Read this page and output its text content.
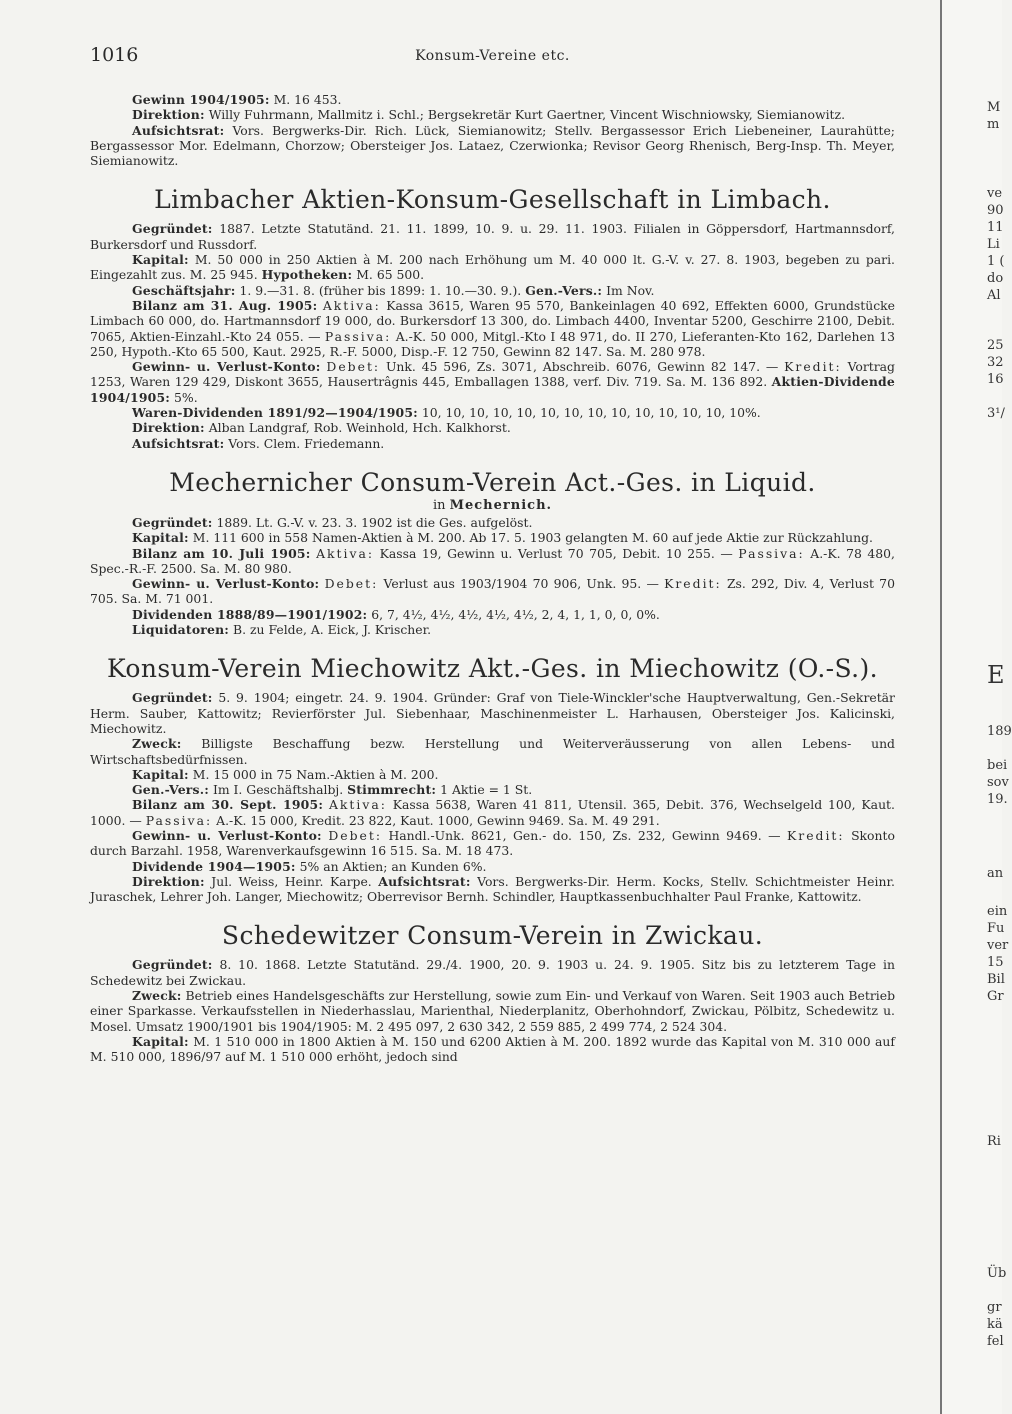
1016	Konsum-Vereine etc.

Gewinn 1904/1905: M. 16 453.

Direktion: Willy Fuhrmann, Mallmitz i. Schl.; Bergsekretär Kurt Gaertner, Vincent Wischniowsky, Siemianowitz.

Aufsichtsrat: Vors. Bergwerks-Dir. Rich. Lück, Siemianowitz; Stellv. Bergassessor Erich Liebeneiner, Laurahütte; Bergassessor Mor. Edelmann, Chorzow; Obersteiger Jos. Lataez, Czerwionka; Revisor Georg Rhenisch, Berg-Insp. Th. Meyer, Siemianowitz.

Limbacher Aktien-Konsum-Gesellschaft in Limbach.

Gegründet: 1887. Letzte Statutänd. 21. 11. 1899, 10. 9. u. 29. 11. 1903. Filialen in Göppersdorf, Hartmannsdorf, Burkersdorf und Russdorf.

Kapital: M. 50 000 in 250 Aktien à M. 200 nach Erhöhung um M. 40 000 lt. G.-V. v. 27. 8. 1903, begeben zu pari. Eingezahlt zus. M. 25 945. Hypotheken: M. 65 500.

Geschäftsjahr: 1. 9.—31. 8. (früher bis 1899: 1. 10.—30. 9.). Gen.-Vers.: Im Nov.

Bilanz am 31. Aug. 1905: Aktiva: Kassa 3615, Waren 95 570, Bankeinlagen 40 692, Effekten 6000, Grundstücke Limbach 60 000, do. Hartmannsdorf 19 000, do. Burkersdorf 13 300, do. Limbach 4400, Inventar 5200, Geschirre 2100, Debit. 7065, Aktien-Einzahl.-Kto 24 055. — Passiva: A.-K. 50 000, Mitgl.-Kto I 48 971, do. II 270, Lieferanten-Kto 162, Darlehen 13 250, Hypoth.-Kto 65 500, Kaut. 2925, R.-F. 5000, Disp.-F. 12 750, Gewinn 82 147. Sa. M. 280 978.

Gewinn- u. Verlust-Konto: Debet: Unk. 45 596, Zs. 3071, Abschreib. 6076, Gewinn 82 147. — Kredit: Vortrag 1253, Waren 129 429, Diskont 3655, Hausertrâgnis 445, Emballagen 1388, verf. Div. 719. Sa. M. 136 892. Aktien-Dividende 1904/1905: 5%.

Waren-Dividenden 1891/92—1904/1905: 10, 10, 10, 10, 10, 10, 10, 10, 10, 10, 10, 10, 10, 10%.

Direktion: Alban Landgraf, Rob. Weinhold, Hch. Kalkhorst.

Aufsichtsrat: Vors. Clem. Friedemann.

Mechernicher Consum-Verein Act.-Ges. in Liquid.
in Mechernich.

Gegründet: 1889. Lt. G.-V. v. 23. 3. 1902 ist die Ges. aufgelöst.

Kapital: M. 111 600 in 558 Namen-Aktien à M. 200. Ab 17. 5. 1903 gelangten M. 60 auf jede Aktie zur Rückzahlung.

Bilanz am 10. Juli 1905: Aktiva: Kassa 19, Gewinn u. Verlust 70 705, Debit. 10 255. — Passiva: A.-K. 78 480, Spec.-R.-F. 2500. Sa. M. 80 980.

Gewinn- u. Verlust-Konto: Debet: Verlust aus 1903/1904 70 906, Unk. 95. — Kredit: Zs. 292, Div. 4, Verlust 70 705. Sa. M. 71 001.

Dividenden 1888/89—1901/1902: 6, 7, 4½, 4½, 4½, 4½, 4½, 2, 4, 1, 1, 0, 0, 0%.

Liquidatoren: B. zu Felde, A. Eick, J. Krischer.

Konsum-Verein Miechowitz Akt.-Ges. in Miechowitz (O.-S.).

Gegründet: 5. 9. 1904; eingetr. 24. 9. 1904. Gründer: Graf von Tiele-Winckler'sche Hauptverwaltung, Gen.-Sekretär Herm. Sauber, Kattowitz; Revierförster Jul. Siebenhaar, Maschinenmeister L. Harhausen, Obersteiger Jos. Kalicinski, Miechowitz.

Zweck: Billigste Beschaffung bezw. Herstellung und Weiterveräusserung von allen Lebens- und Wirtschaftsbedürfnissen.

Kapital: M. 15 000 in 75 Nam.-Aktien à M. 200.

Gen.-Vers.: Im I. Geschäftshalbj. Stimmrecht: 1 Aktie = 1 St.

Bilanz am 30. Sept. 1905: Aktiva: Kassa 5638, Waren 41 811, Utensil. 365, Debit. 376, Wechselgeld 100, Kaut. 1000. — Passiva: A.-K. 15 000, Kredit. 23 822, Kaut. 1000, Gewinn 9469. Sa. M. 49 291.

Gewinn- u. Verlust-Konto: Debet: Handl.-Unk. 8621, Gen.- do. 150, Zs. 232, Gewinn 9469. — Kredit: Skonto durch Barzahl. 1958, Warenverkaufsgewinn 16 515. Sa. M. 18 473.

Dividende 1904—1905: 5% an Aktien; an Kunden 6%.

Direktion: Jul. Weiss, Heinr. Karpe. Aufsichtsrat: Vors. Bergwerks-Dir. Herm. Kocks, Stellv. Schichtmeister Heinr. Juraschek, Lehrer Joh. Langer, Miechowitz; Oberrevisor Bernh. Schindler, Hauptkassenbuchhalter Paul Franke, Kattowitz.

Schedewitzer Consum-Verein in Zwickau.

Gegründet: 8. 10. 1868. Letzte Statutänd. 29./4. 1900, 20. 9. 1903 u. 24. 9. 1905. Sitz bis zu letzterem Tage in Schedewitz bei Zwickau.

Zweck: Betrieb eines Handelsgeschäfts zur Herstellung, sowie zum Ein- und Verkauf von Waren. Seit 1903 auch Betrieb einer Sparkasse. Verkaufsstellen in Niederhasslau, Marienthal, Niederplanitz, Oberhohndorf, Zwickau, Pölbitz, Schedewitz u. Mosel. Umsatz 1900/1901 bis 1904/1905: M. 2 495 097, 2 630 342, 2 559 885, 2 499 774, 2 524 304.

Kapital: M. 1 510 000 in 1800 Aktien à M. 150 und 6200 Aktien à M. 200. 1892 wurde das Kapital von M. 310 000 auf M. 510 000, 1896/97 auf M. 1 510 000 erhöht, jedoch sind

M
m
ve
90
11
Li
1 (
do
Al
25
32
16
3¹/
E
189
bei
sov
19.
an
ein
Fu
ver
15
Bil
Gr
Ri
Üb
gr
kä
fel
